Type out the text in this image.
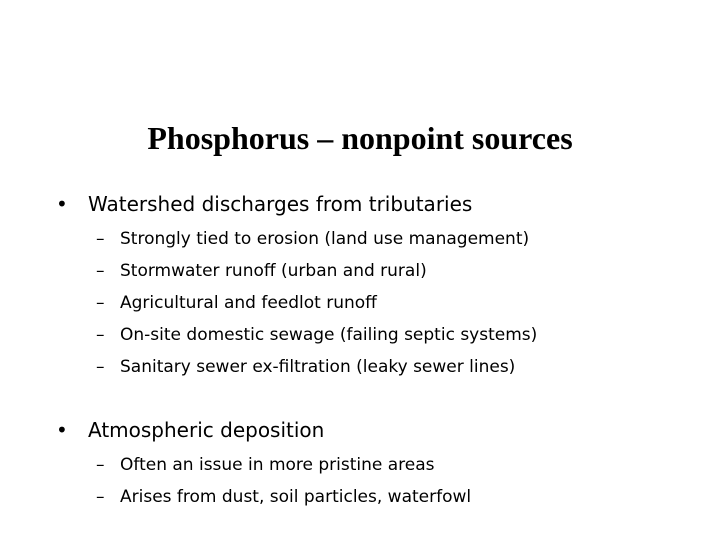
Phosphorus – nonpoint sources
• Watershed discharges from tributaries
– Strongly tied to erosion (land use management)
– Stormwater runoff (urban and rural)
– Agricultural and feedlot runoff
– On-site domestic sewage (failing septic systems)
– Sanitary sewer ex-filtration (leaky sewer lines)
• Atmospheric deposition
– Often an issue in more pristine areas
– Arises from dust, soil particles, waterfowl
